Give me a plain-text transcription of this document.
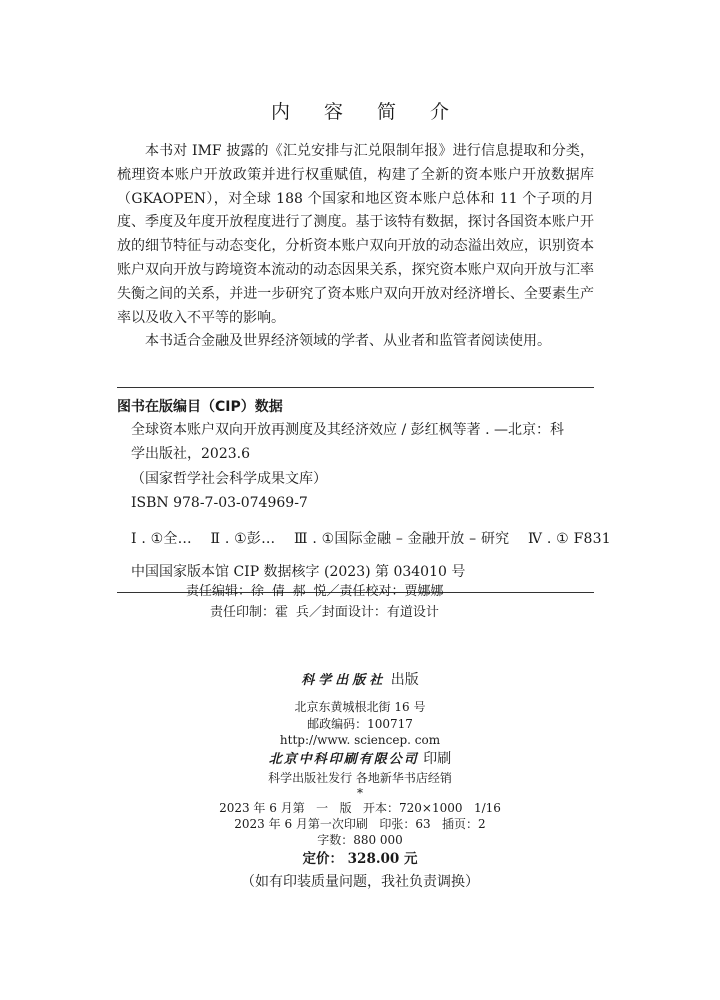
内 容 简 介

本书对 IMF 披露的《汇兑安排与汇兑限制年报》进行信息提取和分类，梳理资本账户开放政策并进行权重赋值，构建了全新的资本账户开放数据库（GKAOPEN），对全球 188 个国家和地区资本账户总体和 11 个子项的月度、季度及年度开放程度进行了测度。基于该特有数据，探讨各国资本账户开放的细节特征与动态变化，分析资本账户双向开放的动态溢出效应，识别资本账户双向开放与跨境资本流动的动态因果关系，探究资本账户双向开放与汇率失衡之间的关系，并进一步研究了资本账户双向开放对经济增长、全要素生产率以及收入不平等的影响。

本书适合金融及世界经济领域的学者、从业者和监管者阅读使用。

图书在版编目（CIP）数据
全球资本账户双向开放再测度及其经济效应 / 彭红枫等著 . —北京：科
学出版社，2023.6
（国家哲学社会科学成果文库）
ISBN 978-7-03-074969-7
Ⅰ . ①全… Ⅱ . ①彭… Ⅲ . ①国际金融 – 金融开放 – 研究 Ⅳ . ① F831
中国国家版本馆 CIP 数据核字 (2023) 第 034010 号
责任编辑：徐 倩 郝 悦／责任校对：贾娜娜
责任印制：霍 兵／封面设计：有道设计
科学出版社 出版
北京东黄城根北街 16 号
邮政编码：100717
http://www. sciencep. com
北京中科印刷有限公司 印刷
科学出版社发行 各地新华书店经销
*
2023 年 6 月第   一   版   开本：720×1000   1/16
2023 年 6 月第一次印刷   印张：63   插页：2
字数：880 000
定价： 328.00 元
（如有印装质量问题，我社负责调换）
